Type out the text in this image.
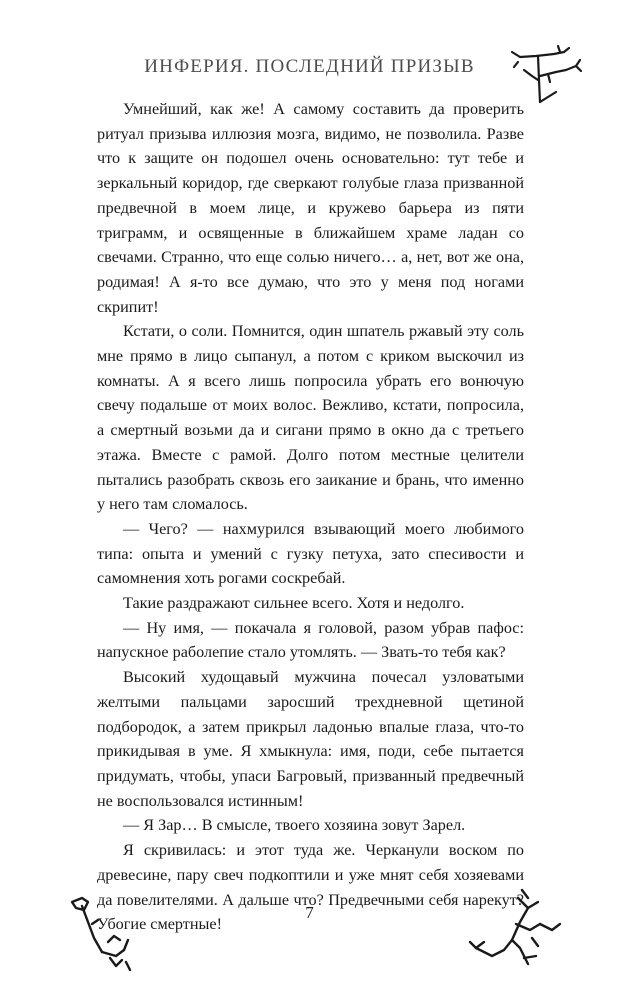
ИНФЕРИЯ. ПОСЛЕДНИЙ ПРИЗЫВ

Умнейший, как же! А самому составить да проверить ритуал призыва иллюзия мозга, видимо, не позволила. Разве что к защите он подошел очень основательно: тут тебе и зеркальный коридор, где сверкают голубые глаза призванной предвечной в моем лице, и кружево барьера из пяти триграмм, и освященные в ближайшем храме ладан со свечами. Странно, что еще солью ничего… а, нет, вот же она, родимая! А я-то все думаю, что это у меня под ногами скрипит!

Кстати, о соли. Помнится, один шпатель ржавый эту соль мне прямо в лицо сыпанул, а потом с криком выскочил из комнаты. А я всего лишь попросила убрать его вонючую свечу подальше от моих волос. Вежливо, кстати, попросила, а смертный возьми да и сигани прямо в окно да с третьего этажа. Вместе с рамой. Долго потом местные целители пытались разобрать сквозь его заикание и брань, что именно у него там сломалось.

— Чего? — нахмурился взывающий моего любимого типа: опыта и умений с гузку петуха, зато спесивости и самомнения хоть рогами соскребай.

Такие раздражают сильнее всего. Хотя и недолго.

— Ну имя, — покачала я головой, разом убрав пафос: напускное раболепие стало утомлять. — Звать-то тебя как?

Высокий худощавый мужчина почесал узловатыми желтыми пальцами заросший трехдневной щетиной подбородок, а затем прикрыл ладонью впалые глаза, что-то прикидывая в уме. Я хмыкнула: имя, поди, себе пытается придумать, чтобы, упаси Багровый, призванный предвечный не воспользовался истинным!

— Я Зар… В смысле, твоего хозяина зовут Зарел.

Я скривилась: и этот туда же. Черканули воском по древесине, пару свеч подкоптили и уже мнят себя хозяевами да повелителями. А дальше что? Предвечными себя нарекут? Убогие смертные!

7
